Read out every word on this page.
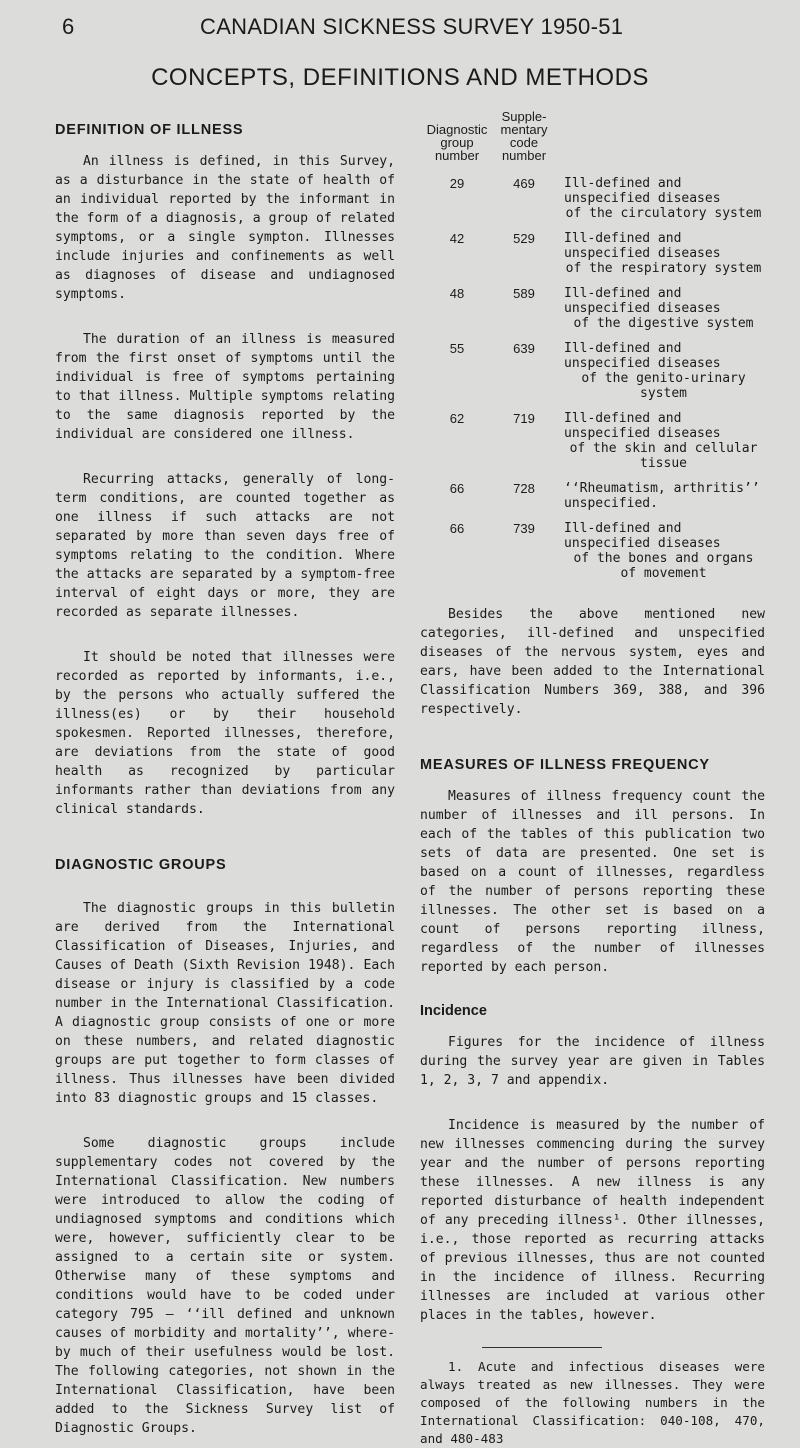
6	CANADIAN SICKNESS SURVEY 1950-51
CONCEPTS, DEFINITIONS AND METHODS
DEFINITION OF ILLNESS

An illness is defined, in this Survey, as a disturbance in the state of health of an individual reported by the informant in the form of a diagnosis, a group of related symptoms, or a single sympton. Illnesses include injuries and confinements as well as diagnoses of disease and undiagnosed symptoms.

The duration of an illness is measured from the first onset of symptoms until the individual is free of symptoms pertaining to that illness. Multiple symptoms relating to the same diagnosis reported by the individual are considered one illness.

Recurring attacks, generally of long-term conditions, are counted together as one illness if such attacks are not separated by more than seven days free of symptoms relating to the condition. Where the attacks are separated by a symptom-free interval of eight days or more, they are recorded as separate illnesses.

It should be noted that illnesses were recorded as reported by informants, i.e., by the persons who actually suffered the illness(es) or by their household spokesmen. Reported illnesses, therefore, are deviations from the state of good health as recognized by particular informants rather than deviations from any clinical standards.

DIAGNOSTIC GROUPS

The diagnostic groups in this bulletin are derived from the International Classification of Diseases, Injuries, and Causes of Death (Sixth Revision 1948). Each disease or injury is classified by a code number in the International Classification. A diagnostic group consists of one or more on these numbers, and related diagnostic groups are put together to form classes of illness. Thus illnesses have been divided into 83 diagnostic groups and 15 classes.

Some diagnostic groups include supplementary codes not covered by the International Classification. New numbers were introduced to allow the coding of undiagnosed symptoms and conditions which were, however, sufficiently clear to be assigned to a certain site or system. Otherwise many of these symptoms and conditions would have to be coded under category 795 — ‘‘ill defined and unknown causes of morbidity and mortality’’, whereby much of their usefulness would be lost. The following categories, not shown in the International Classification, have been added to the Sickness Survey list of Diagnostic Groups.

Diagnostic group number	Supplementary code number	
29	469	Ill-defined and unspecified diseases
of the circulatory system

42	529	Ill-defined and unspecified diseases
of the respiratory system

48	589	Ill-defined and unspecified diseases
of the digestive system

55	639	Ill-defined and unspecified diseases
of the genito-urinary system

62	719	Ill-defined and unspecified diseases
of the skin and cellular tissue

66	728	‘‘Rheumatism, arthritis’’ unspecified.

66	739	Ill-defined and unspecified diseases
of the bones and organs of movement

Besides the above mentioned new categories, ill-defined and unspecified diseases of the nervous system, eyes and ears, have been added to the International Classification Numbers 369, 388, and 396 respectively.

MEASURES OF ILLNESS FREQUENCY

Measures of illness frequency count the number of illnesses and ill persons. In each of the tables of this publication two sets of data are presented. One set is based on a count of illnesses, regardless of the number of persons reporting these illnesses. The other set is based on a count of persons reporting illness, regardless of the number of illnesses reported by each person.

Incidence

Figures for the incidence of illness during the survey year are given in Tables 1, 2, 3, 7 and appendix.

Incidence is measured by the number of new illnesses commencing during the survey year and the number of persons reporting these illnesses. A new illness is any reported disturbance of health independent of any preceding illness¹. Other illnesses, i.e., those reported as recurring attacks of previous illnesses, thus are not counted in the incidence of illness. Recurring illnesses are included at various other places in the tables, however.

1. Acute and infectious diseases were always treated as new illnesses. They were composed of the following numbers in the International Classification: 040-108, 470, and 480-483
